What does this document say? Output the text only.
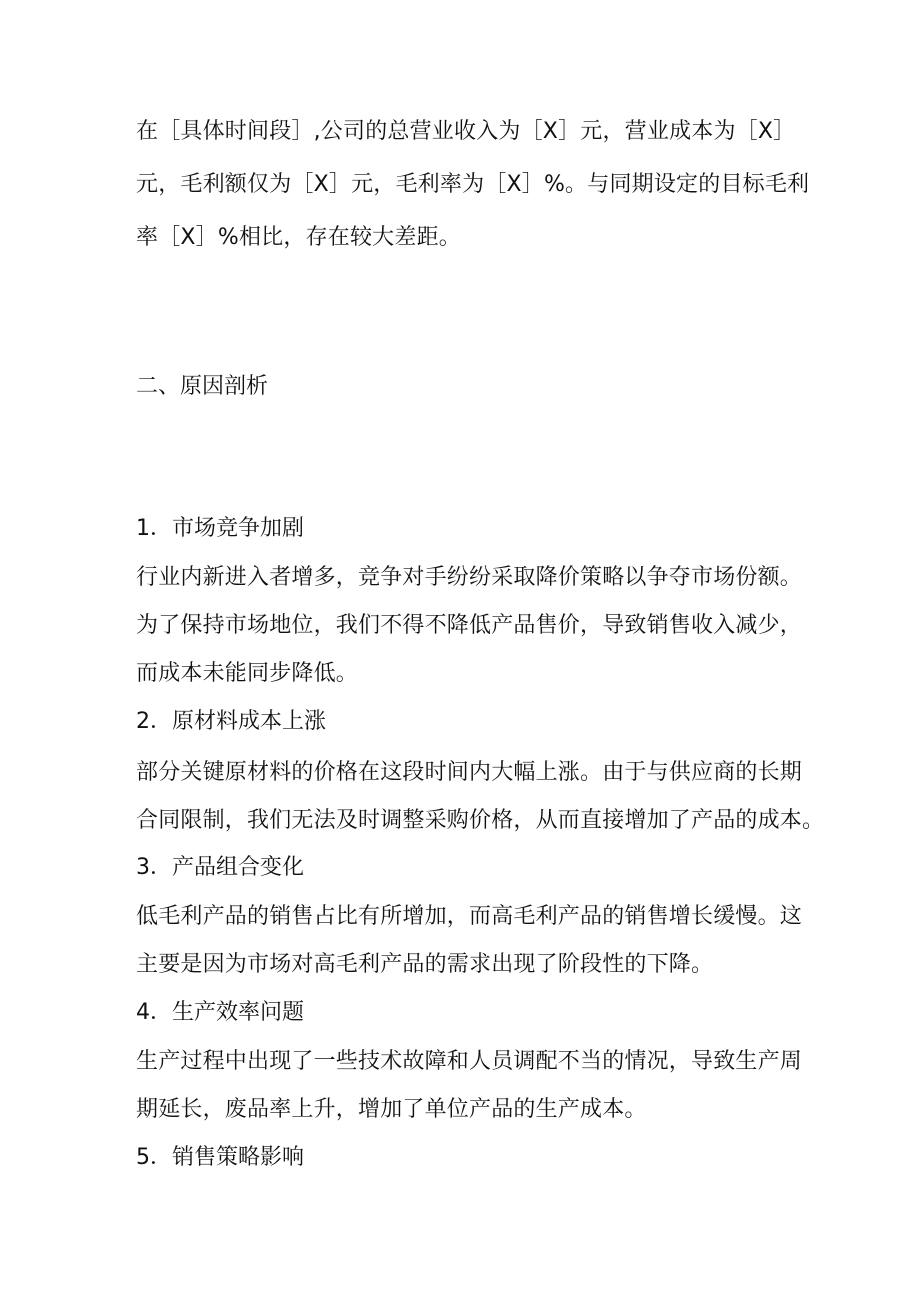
在［具体时间段］,公司的总营业收入为［X］元，营业成本为［X］
元，毛利额仅为［X］元，毛利率为［X］%。与同期设定的目标毛利
率［X］%相比，存在较大差距。
二、原因剖析
1．市场竞争加剧
行业内新进入者增多，竞争对手纷纷采取降价策略以争夺市场份额。
为了保持市场地位，我们不得不降低产品售价，导致销售收入减少，
而成本未能同步降低。
2．原材料成本上涨
部分关键原材料的价格在这段时间内大幅上涨。由于与供应商的长期
合同限制，我们无法及时调整采购价格，从而直接增加了产品的成本。
3．产品组合变化
低毛利产品的销售占比有所增加，而高毛利产品的销售增长缓慢。这
主要是因为市场对高毛利产品的需求出现了阶段性的下降。
4．生产效率问题
生产过程中出现了一些技术故障和人员调配不当的情况，导致生产周
期延长，废品率上升，增加了单位产品的生产成本。
5．销售策略影响
